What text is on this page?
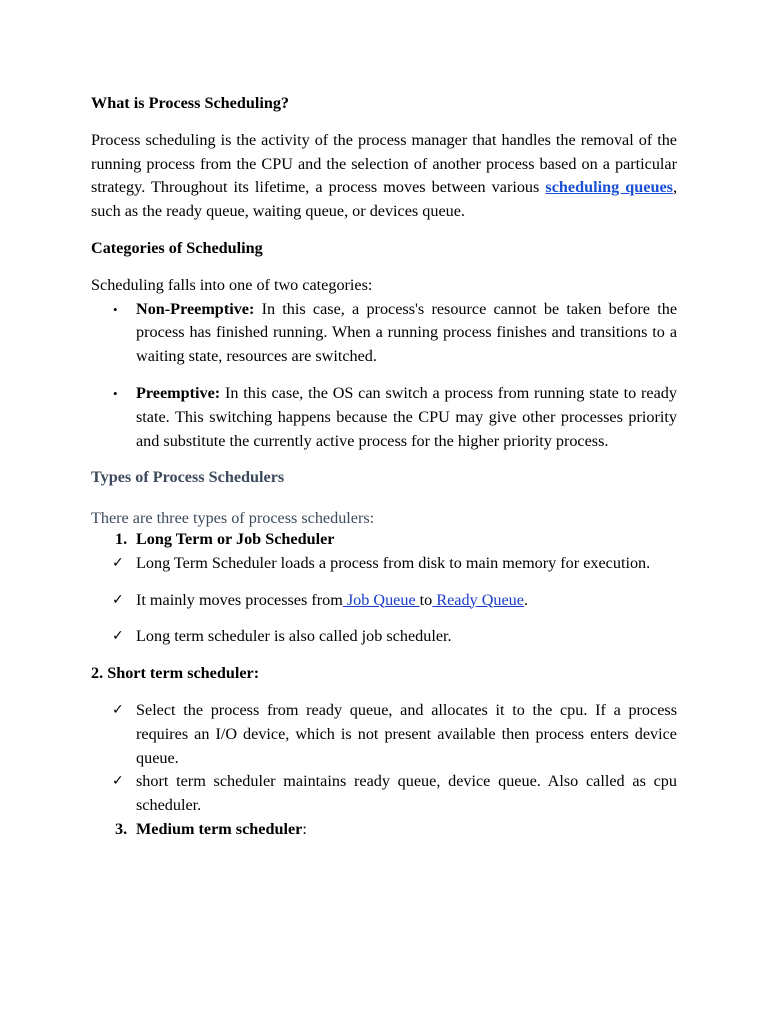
What is Process Scheduling?

Process scheduling is the activity of the process manager that handles the removal of the running process from the CPU and the selection of another process based on a particular strategy. Throughout its lifetime, a process moves between various scheduling queues, such as the ready queue, waiting queue, or devices queue.

Categories of Scheduling

Scheduling falls into one of two categories:

•	Non-Preemptive: In this case, a process's resource cannot be taken before the process has finished running. When a running process finishes and transitions to a waiting state, resources are switched.
•	Preemptive: In this case, the OS can switch a process from running state to ready state. This switching happens because the CPU may give other processes priority and substitute the currently active process for the higher priority process.

Types of Process Schedulers

There are three types of process schedulers:

1. Long Term or Job Scheduler
✓ Long Term Scheduler loads a process from disk to main memory for execution.
✓ It mainly moves processes from Job Queue to Ready Queue.
✓ Long term scheduler is also called job scheduler.

2. Short term scheduler:

✓ Select the process from ready queue, and allocates it to the cpu. If a process requires an I/O device, which is not present available then process enters device queue.
✓ short term scheduler maintains ready queue, device queue. Also called as cpu scheduler.
3. Medium term scheduler:
